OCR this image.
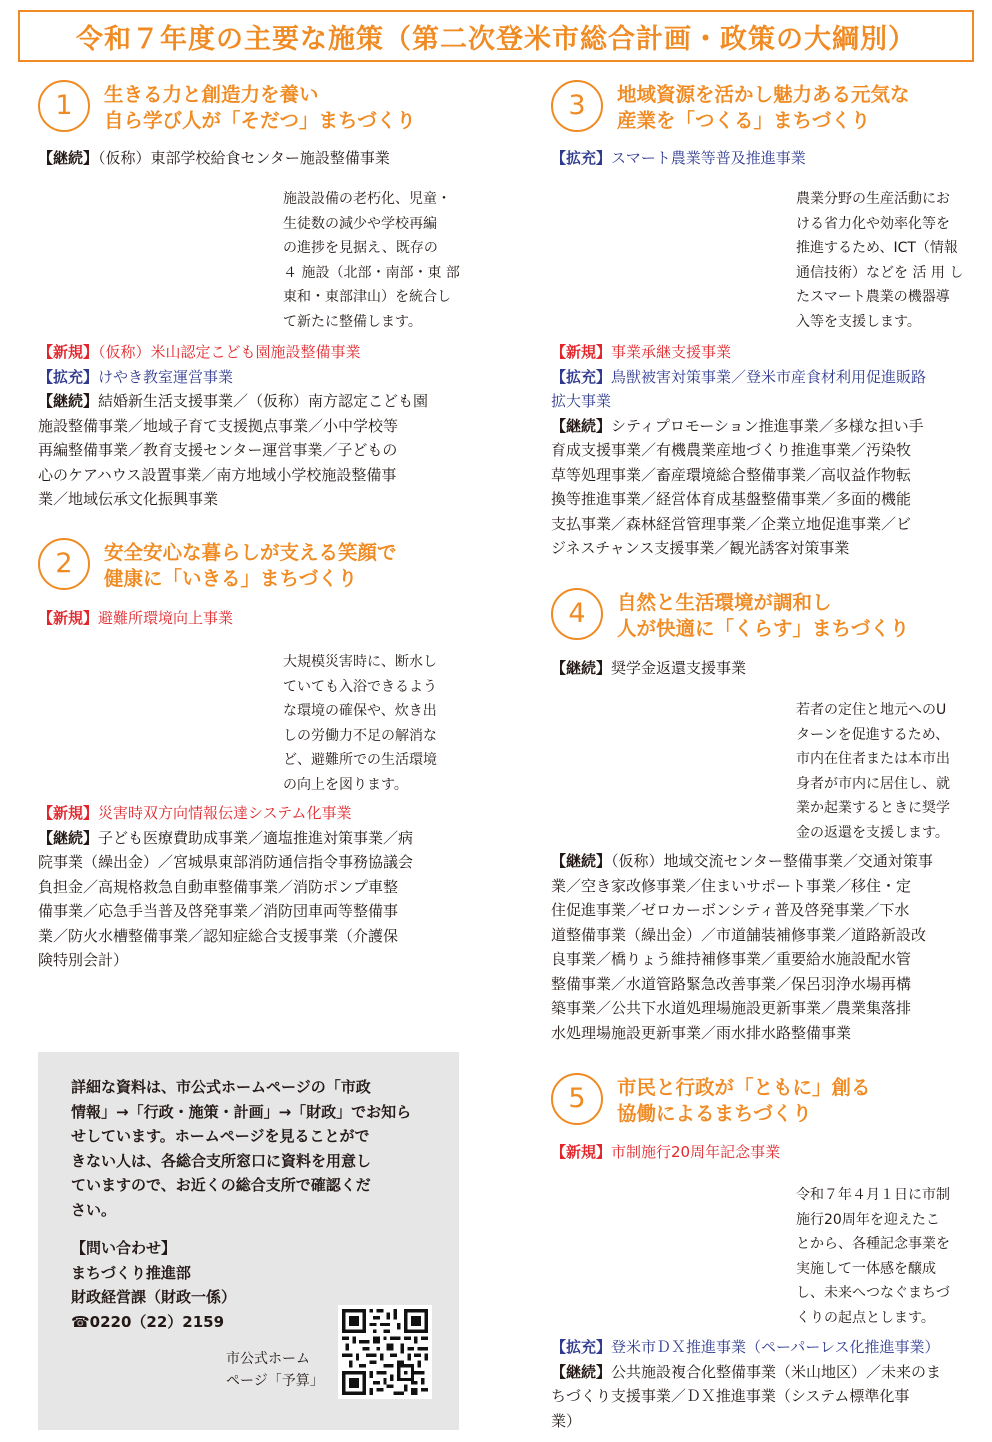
令和７年度の主要な施策（第二次登米市総合計画・政策の大綱別）
1	生きる力と創造力を養い
自ら学び人が「そだつ」まちづくり
【継続】（仮称）東部学校給食センター施設整備事業
施設設備の老朽化、児童・
生徒数の減少や学校再編
の進捗を見据え、既存の
４ 施設（北部・南部・東 部
東和・東部津山）を統合し
て新たに整備します。
【新規】（仮称）米山認定こども園施設整備事業
【拡充】けやき教室運営事業
【継続】結婚新生活支援事業／（仮称）南方認定こども園
施設整備事業／地域子育て支援拠点事業／小中学校等
再編整備事業／教育支援センター運営事業／子どもの
心のケアハウス設置事業／南方地域小学校施設整備事
業／地域伝承文化振興事業
2	安全安心な暮らしが支える笑顔で
健康に「いきる」まちづくり
【新規】避難所環境向上事業
大規模災害時に、断水し
ていても入浴できるよう
な環境の確保や、炊き出
しの労働力不足の解消な
ど、避難所での生活環境
の向上を図ります。
【新規】災害時双方向情報伝達システム化事業
【継続】子ども医療費助成事業／適塩推進対策事業／病
院事業（繰出金）／宮城県東部消防通信指令事務協議会
負担金／高規格救急自動車整備事業／消防ポンプ車整
備事業／応急手当普及啓発事業／消防団車両等整備事
業／防火水槽整備事業／認知症総合支援事業（介護保
険特別会計）
3	地域資源を活かし魅力ある元気な
産業を「つくる」まちづくり
【拡充】スマート農業等普及推進事業
農業分野の生産活動にお
ける省力化や効率化等を
推進するため、ICT（情報
通信技術）などを 活 用 し
たスマート農業の機器導
入等を支援します。
【新規】事業承継支援事業
【拡充】鳥獣被害対策事業／登米市産食材利用促進販路
拡大事業
【継続】シティプロモーション推進事業／多様な担い手
育成支援事業／有機農業産地づくり推進事業／汚染牧
草等処理事業／畜産環境総合整備事業／高収益作物転
換等推進事業／経営体育成基盤整備事業／多面的機能
支払事業／森林経営管理事業／企業立地促進事業／ビ
ジネスチャンス支援事業／観光誘客対策事業
4	自然と生活環境が調和し
人が快適に「くらす」まちづくり
【継続】奨学金返還支援事業
若者の定住と地元へのU
ターンを促進するため、
市内在住者または本市出
身者が市内に居住し、就
業か起業するときに奨学
金の返還を支援します。
【継続】（仮称）地域交流センター整備事業／交通対策事
業／空き家改修事業／住まいサポート事業／移住・定
住促進事業／ゼロカーボンシティ普及啓発事業／下水
道整備事業（繰出金）／市道舗装補修事業／道路新設改
良事業／橋りょう維持補修事業／重要給水施設配水管
整備事業／水道管路緊急改善事業／保呂羽浄水場再構
築事業／公共下水道処理場施設更新事業／農業集落排
水処理場施設更新事業／雨水排水路整備事業
5	市民と行政が「ともに」創る
協働によるまちづくり
【新規】市制施行20周年記念事業
令和７年４月１日に市制
施行20周年を迎えたこ
とから、各種記念事業を
実施して一体感を醸成
し、未来へつなぐまちづ
くりの起点とします。
【拡充】登米市ＤＸ推進事業（ペーパーレス化推進事業）
【継続】公共施設複合化整備事業（米山地区）／未来のま
ちづくり支援事業／ＤＸ推進事業（システム標準化事
業）
詳細な資料は、市公式ホームページの「市政
情報」→「行政・施策・計画」→「財政」でお知ら
せしています。ホームページを見ることがで
きない人は、各総合支所窓口に資料を用意し
ていますので、お近くの総合支所で確認くだ
さい。
【問い合わせ】
まちづくり推進部
財政経営課（財政一係）
☎0220（22）2159
市公式ホーム
ページ「予算」
